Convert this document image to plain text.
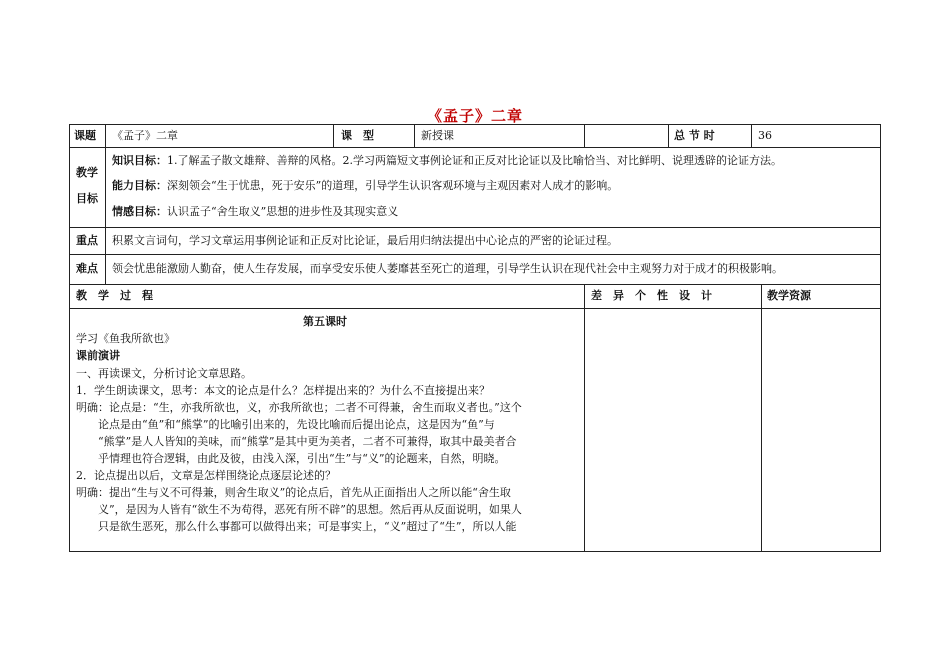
《孟子》二章
课题 《孟子》二章	课　型	新授课	总 节 时	36
教学
目标
知识目标：1.了解孟子散文雄辩、善辩的风格。2.学习两篇短文事例论证和正反对比论证以及比喻恰当、对比鲜明、说理透辟的论证方法。
能力目标：深刻领会“生于忧患，死于安乐”的道理，引导学生认识客观环境与主观因素对人成才的影响。
情感目标：认识孟子“舍生取义”思想的进步性及其现实意义
重点 积累文言词句，学习文章运用事例论证和正反对比论证，最后用归纳法提出中心论点的严密的论证过程。
难点 领会忧患能激励人勤奋，使人生存发展，而享受安乐使人萎靡甚至死亡的道理，引导学生认识在现代社会中主观努力对于成才的积极影响。
教　学　过　程	差　异　个　性　设　计	教学资源
第五课时
学习《鱼我所欲也》
课前演讲
一、再读课文，分析讨论文章思路。
1．学生朗读课文，思考：本文的论点是什么？怎样提出来的？为什么不直接提出来？
明确：论点是：“生，亦我所欲也，义，亦我所欲也；二者不可得兼，舍生而取义者也。”这个
　　论点是由“鱼”和“熊掌”的比喻引出来的，先设比喻而后提出论点，这是因为“鱼”与
　　“熊掌”是人人皆知的美味，而“熊掌”是其中更为美者，二者不可兼得，取其中最美者合
　　乎情理也符合逻辑，由此及彼，由浅入深，引出“生”与“义”的论题来，自然，明晓。
2．论点提出以后，文章是怎样围绕论点逐层论述的？
明确：提出“生与义不可得兼，则舍生取义”的论点后，首先从正面指出人之所以能“舍生取
　　义”，是因为人皆有“欲生不为苟得，恶死有所不辟”的思想。然后再从反面说明，如果人
　　只是欲生恶死，那么什么事都可以做得出来；可是事实上，“义”超过了“生”，所以人能
